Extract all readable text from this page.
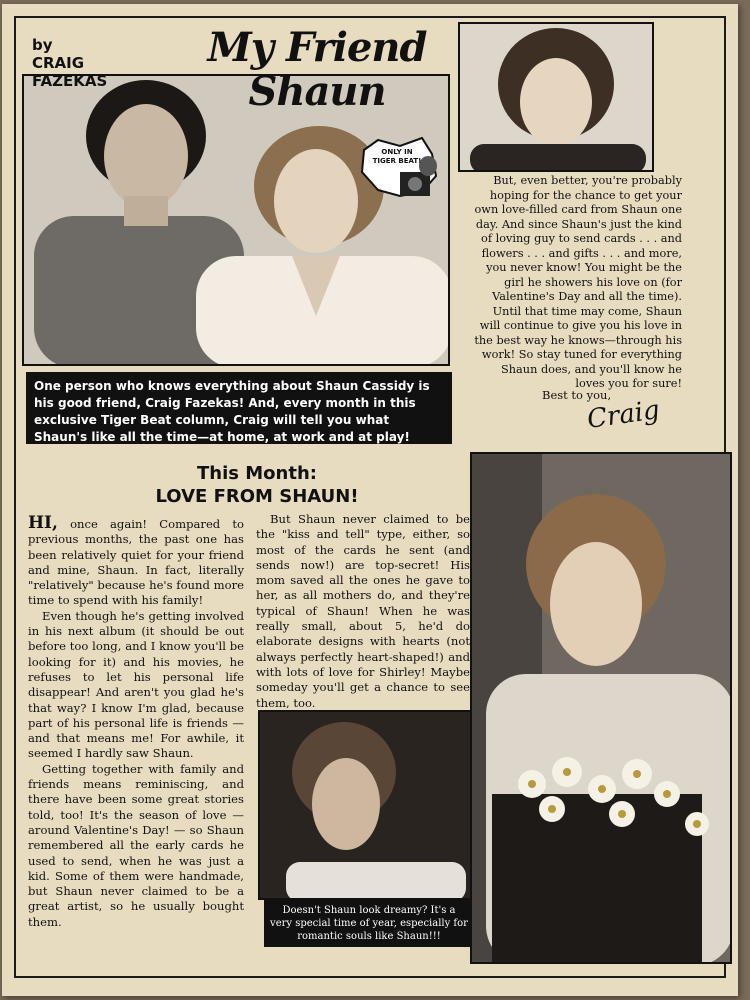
by
CRAIG
FAZEKAS
My Friend
Shaun
ONLY IN
TIGER BEAT!

But, even better, you're probably hoping for the chance to get your own love-filled card from Shaun one day. And since Shaun's just the kind of loving guy to send cards . . . and flowers . . . and gifts . . . and more, you never know! You might be the girl he showers his love on (for Valentine's Day and all the time).

Until that time may come, Shaun will continue to give you his love in the best way he knows—through his work! So stay tuned for everything Shaun does, and you'll know he loves you for sure!

Best to you,
Craig
One person who knows everything about Shaun Cassidy is his good friend, Craig Fazekas! And, every month in this exclusive Tiger Beat column, Craig will tell you what Shaun's like all the time—at home, at work and at play!
This Month:
LOVE FROM SHAUN!

HI, once again! Compared to previous months, the past one has been relatively quiet for your friend and mine, Shaun. In fact, literally "relatively" because he's found more time to spend with his family!

Even though he's getting involved in his next album (it should be out before too long, and I know you'll be looking for it) and his movies, he refuses to let his personal life disappear! And aren't you glad he's that way? I know I'm glad, because part of his personal life is friends — and that means me! For awhile, it seemed I hardly saw Shaun.

Getting together with family and friends means reminiscing, and there have been some great stories told, too! It's the season of love — around Valentine's Day! — so Shaun remembered all the early cards he used to send, when he was just a kid. Some of them were handmade, but Shaun never claimed to be a great artist, so he usually bought them.

But Shaun never claimed to be the "kiss and tell" type, either, so most of the cards he sent (and sends now!) are top-secret! His mom saved all the ones he gave to her, as all mothers do, and they're typical of Shaun! When he was really small, about 5, he'd do elaborate designs with hearts (not always perfectly heart-shaped!) and with lots of love for Shirley! Maybe someday you'll get a chance to see them, too.

Doesn't Shaun look dreamy? It's a very special time of year, especially for romantic souls like Shaun!!!
